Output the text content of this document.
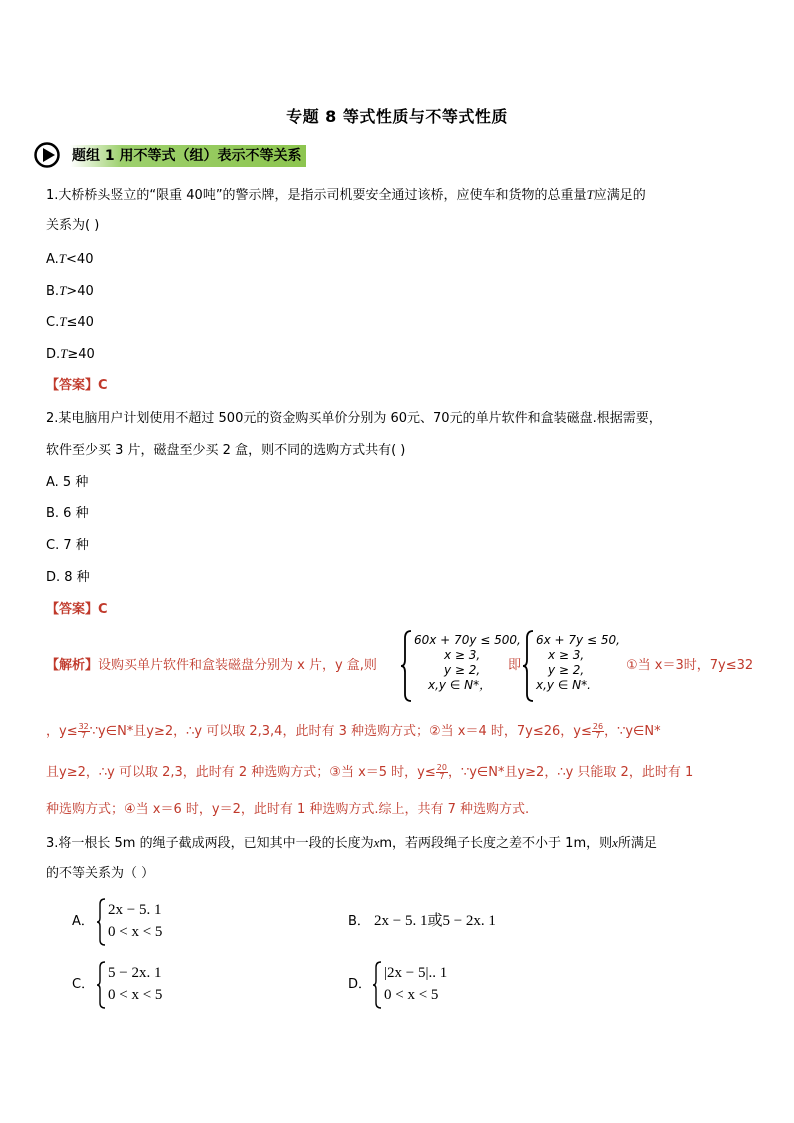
专题 8 等式性质与不等式性质
题组 1 用不等式（组）表示不等关系
1.大桥桥头竖立的“限重 40吨”的警示牌，是指示司机要安全通过该桥，应使车和货物的总重量T应满足的
关系为( )
A.T<40
B.T>40
C.T≤40
D.T≥40
【答案】C
2.某电脑用户计划使用不超过 500元的资金购买单价分别为 60元、70元的单片软件和盒装磁盘.根据需要，
软件至少买 3 片，磁盘至少买 2 盒，则不同的选购方式共有( )
A. 5 种
B. 6 种
C. 7 种
D. 8 种
【答案】C
【解析】设购买单片软件和盒装磁盘分别为 x 片，y 盒,则
60x + 70y ≤ 500,
x ≥ 3,
y ≥ 2,
x,y ∈ N*，
即
6x + 7y ≤ 50,
x ≥ 3,
y ≥ 2,
x,y ∈ N*.
①当 x＝3时，7y≤32
，$y\le \frac{32}{7}$ ∵y∈N*且y≥2，∴y 可以取 2,3,4，此时有 3 种选购方式；②当 x＝4 时，7y≤26，$y\le \frac{26}{7}$ ，∵y∈N*
且y≥2，∴y 可以取 2,3，此时有 2 种选购方式；③当 x＝5 时，$y\le \frac{20}{7}$ ，∵y∈N*且y≥2，∴y 只能取 2，此时有 1
种选购方式；④当 x＝6 时，y＝2，此时有 1 种选购方式.综上，共有 7 种选购方式.
3.将一根长 5m 的绳子截成两段，已知其中一段的长度为xm，若两段绳子长度之差不小于 1m，则x所满足
的不等关系为（ ）
A．
2x − 5. 1
0 < x < 5
B． 2x − 5. 1或5 − 2x. 1
C．
5 − 2x. 1
0 < x < 5
D．
|2x − 5|.. 1
0 < x < 5
